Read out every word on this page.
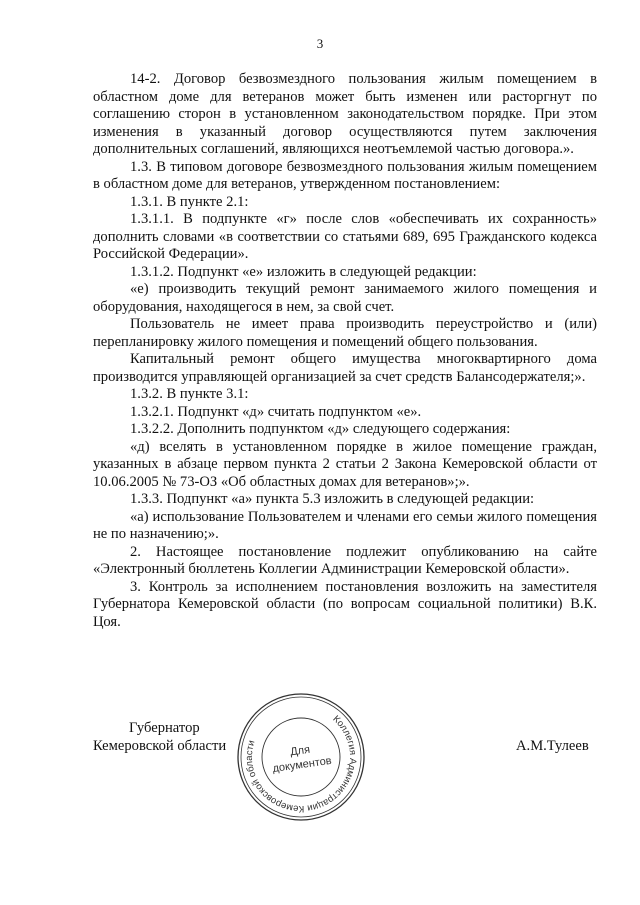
3

14-2. Договор безвозмездного пользования жилым помещением в областном доме для ветеранов может быть изменен или расторгнут по соглашению сторон в установленном законодательством порядке. При этом изменения в указанный договор осуществляются путем заключения дополнительных соглашений, являющихся неотъемлемой частью договора.».

1.3. В типовом договоре безвозмездного пользования жилым помещением в областном доме для ветеранов, утвержденном постановлением:

1.3.1. В пункте 2.1:

1.3.1.1. В подпункте «г» после слов «обеспечивать их сохранность» дополнить словами «в соответствии со статьями 689, 695 Гражданского кодекса Российской Федерации».

1.3.1.2. Подпункт «е» изложить в следующей редакции:

«е) производить текущий ремонт занимаемого жилого помещения и оборудования, находящегося в нем, за свой счет.

Пользователь не имеет права производить переустройство и (или) перепланировку жилого помещения и помещений общего пользования.

Капитальный ремонт общего имущества многоквартирного дома производится управляющей организацией за счет средств Балансодержателя;».

1.3.2. В пункте 3.1:

1.3.2.1. Подпункт «д» считать подпунктом «е».

1.3.2.2. Дополнить подпунктом «д» следующего содержания:

«д) вселять в установленном порядке в жилое помещение граждан, указанных в абзаце первом пункта 2 статьи 2 Закона Кемеровской области от 10.06.2005 № 73-ОЗ «Об областных домах для ветеранов»;».

1.3.3. Подпункт «а» пункта 5.3 изложить в следующей редакции:

«а) использование Пользователем и членами его семьи жилого помещения не по назначению;».

2. Настоящее постановление подлежит опубликованию на сайте «Электронный бюллетень Коллегии Администрации Кемеровской области».

3. Контроль за исполнением постановления возложить на заместителя Губернатора Кемеровской области (по вопросам социальной политики) В.К. Цоя.

Губернатор
Кемеровской области
Коллегия Администрации Кемеровской области
Для
документов
А.М.Тулеев
